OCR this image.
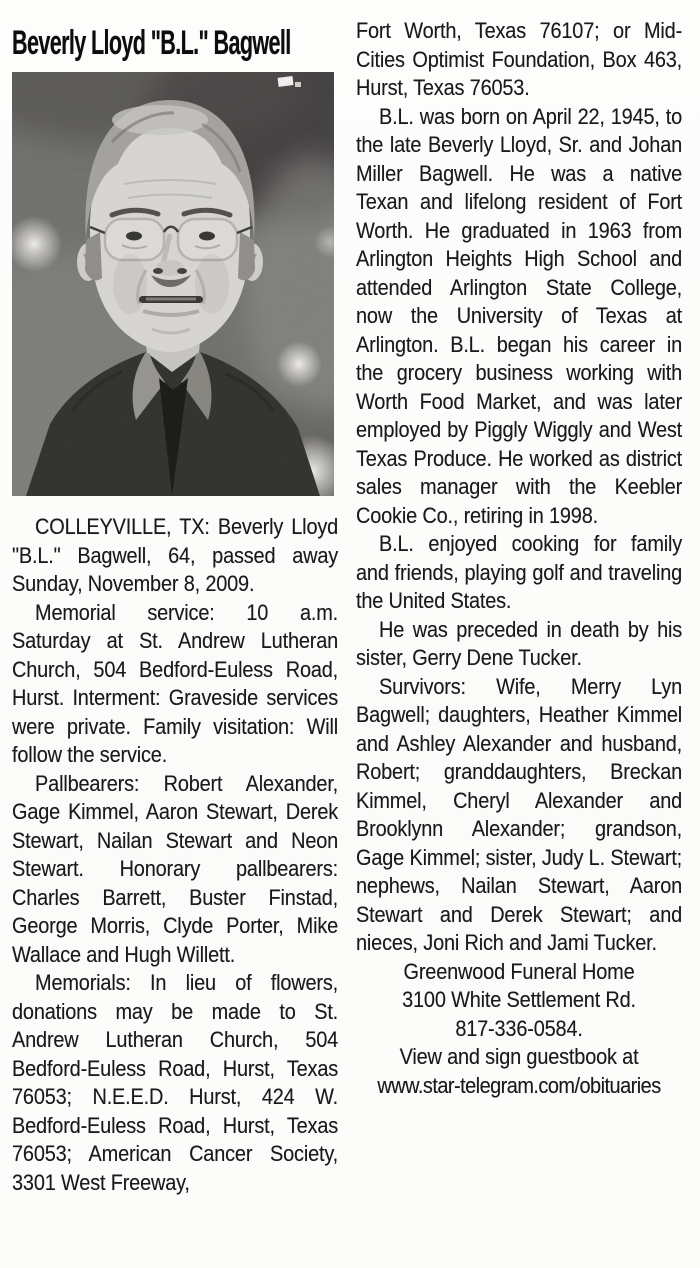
Beverly Lloyd "B.L." Bagwell

COLLEYVILLE, TX: Beverly Lloyd "B.L." Bagwell, 64, passed away Sunday, November 8, 2009.

Memorial service: 10 a.m. Saturday at St. Andrew Lutheran Church, 504 Bedford-Euless Road, Hurst. Interment: Graveside services were private. Family visitation: Will follow the service.

Pallbearers: Robert Alexander, Gage Kimmel, Aaron Stewart, Derek Stewart, Nailan Stewart and Neon Stewart. Honorary pallbearers: Charles Barrett, Buster Finstad, George Morris, Clyde Porter, Mike Wallace and Hugh Willett.

Memorials: In lieu of flowers, donations may be made to St. Andrew Lutheran Church, 504 Bedford-Euless Road, Hurst, Texas 76053; N.E.E.D. Hurst, 424 W. Bedford-Euless Road, Hurst, Texas 76053; American Cancer Society, 3301 West Freeway,

Fort Worth, Texas 76107; or Mid-Cities Optimist Foundation, Box 463, Hurst, Texas 76053.

B.L. was born on April 22, 1945, to the late Beverly Lloyd, Sr. and Johan Miller Bagwell. He was a native Texan and lifelong resident of Fort Worth. He graduated in 1963 from Arlington Heights High School and attended Arlington State College, now the University of Texas at Arlington. B.L. began his career in the grocery business working with Worth Food Market, and was later employed by Piggly Wiggly and West Texas Produce. He worked as district sales manager with the Keebler Cookie Co., retiring in 1998.

B.L. enjoyed cooking for family and friends, playing golf and traveling the United States.

He was preceded in death by his sister, Gerry Dene Tucker.

Survivors: Wife, Merry Lyn Bagwell; daughters, Heather Kimmel and Ashley Alexander and husband, Robert; granddaughters, Breckan Kimmel, Cheryl Alexander and Brooklynn Alexander; grandson, Gage Kimmel; sister, Judy L. Stewart; nephews, Nailan Stewart, Aaron Stewart and Derek Stewart; and nieces, Joni Rich and Jami Tucker.

Greenwood Funeral Home

3100 White Settlement Rd.

817-336-0584.

View and sign guestbook at

www.star-telegram.com/obituaries
